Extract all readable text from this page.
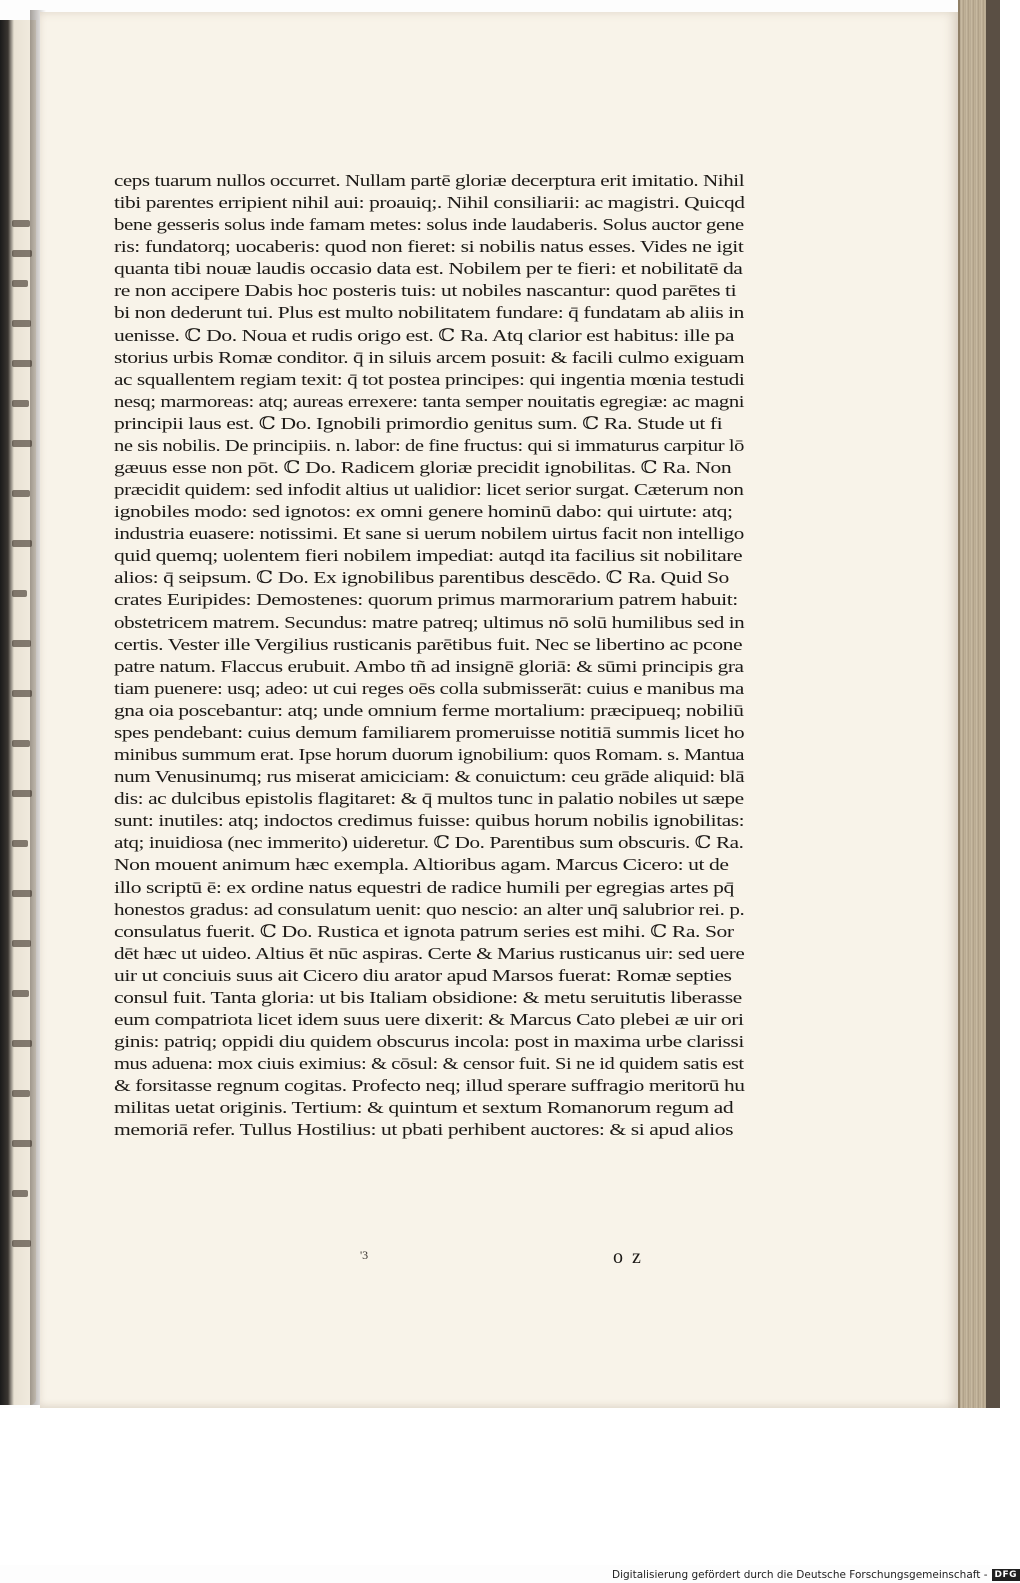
ceps tuarum nullos occurret. Nullam partē gloriæ decerptura erit imitatio. Nihil
tibi parentes erripient nihil aui: proauiq;. Nihil consiliarii: ac magistri. Quicqd
bene gesseris solus inde famam metes: solus inde laudaberis. Solus auctor gene
ris: fundatorq; uocaberis: quod non fieret: si nobilis natus esses. Vides ne igit
quanta tibi nouæ laudis occasio data est. Nobilem per te fieri: et nobilitatē da
re non accipere Dabis hoc posteris tuis: ut nobiles nascantur: quod parētes ti
bi non dederunt tui. Plus est multo nobilitatem fundare: q̄ fundatam ab aliis in
uenisse. ℂ Do. Noua et rudis origo est. ℂ Ra. Atq clarior est habitus: ille pa
storius urbis Romæ conditor. q̄ in siluis arcem posuit: & facili culmo exiguam
ac squallentem regiam texit: q̄ tot postea principes: qui ingentia mœnia testudi
nesq; marmoreas: atq; aureas errexere: tanta semper nouitatis egregiæ: ac magni
principii laus est. ℂ Do. Ignobili primordio genitus sum. ℂ Ra. Stude ut fi
ne sis nobilis. De principiis. n. labor: de fine fructus: qui si immaturus carpitur lō
gæuus esse non pōt. ℂ Do. Radicem gloriæ precidit ignobilitas. ℂ Ra. Non
præcidit quidem: sed infodit altius ut ualidior: licet serior surgat. Cæterum non
ignobiles modo: sed ignotos: ex omni genere hominū dabo: qui uirtute: atq;
industria euasere: notissimi. Et sane si uerum nobilem uirtus facit non intelligo
quid quemq; uolentem fieri nobilem impediat: autqd ita facilius sit nobilitare
alios: q̄ seipsum. ℂ Do. Ex ignobilibus parentibus descēdo. ℂ Ra. Quid So
crates Euripides: Demostenes: quorum primus marmorarium patrem habuit:
obstetricem matrem. Secundus: matre patreq; ultimus nō solū humilibus sed in
certis. Vester ille Vergilius rusticanis parētibus fuit. Nec se libertino ac pcone
patre natum. Flaccus erubuit. Ambo tñ ad insignē gloriā: & sūmi principis gra
tiam puenere: usq; adeo: ut cui reges oēs colla submisserāt: cuius e manibus ma
gna oia poscebantur: atq; unde omnium ferme mortalium: præcipueq; nobiliū
spes pendebant: cuius demum familiarem promeruisse notitiā summis licet ho
minibus summum erat. Ipse horum duorum ignobilium: quos Romam. s. Mantua
num Venusinumq; rus miserat amiciciam: & conuictum: ceu grāde aliquid: blā
dis: ac dulcibus epistolis flagitaret: & q̄ multos tunc in palatio nobiles ut sæpe
sunt: inutiles: atq; indoctos credimus fuisse: quibus horum nobilis ignobilitas:
atq; inuidiosa (nec immerito) uideretur. ℂ Do. Parentibus sum obscuris. ℂ Ra.
Non mouent animum hæc exempla. Altioribus agam. Marcus Cicero: ut de
illo scriptū ē: ex ordine natus equestri de radice humili per egregias artes pq̄
honestos gradus: ad consulatum uenit: quo nescio: an alter unq̄ salubrior rei. p.
consulatus fuerit. ℂ Do. Rustica et ignota patrum series est mihi. ℂ Ra. Sor
dēt hæc ut uideo. Altius ēt nūc aspiras. Certe & Marius rusticanus uir: sed uere
uir ut conciuis suus ait Cicero diu arator apud Marsos fuerat: Romæ septies
consul fuit. Tanta gloria: ut bis Italiam obsidione: & metu seruitutis liberasse
eum compatriota licet idem suus uere dixerit: & Marcus Cato plebei æ uir ori
ginis: patriq; oppidi diu quidem obscurus incola: post in maxima urbe clarissi
mus aduena: mox ciuis eximius: & cōsul: & censor fuit. Si ne id quidem satis est
& forsitasse regnum cogitas. Profecto neq; illud sperare suffragio meritorū hu
militas uetat originis. Tertium: & quintum et sextum Romanorum regum ad
memoriā refer. Tullus Hostilius: ut pbati perhibent auctores: & si apud alios
'3	o z
Digitalisierung gefördert durch die Deutsche Forschungsgemeinschaft - DFG
